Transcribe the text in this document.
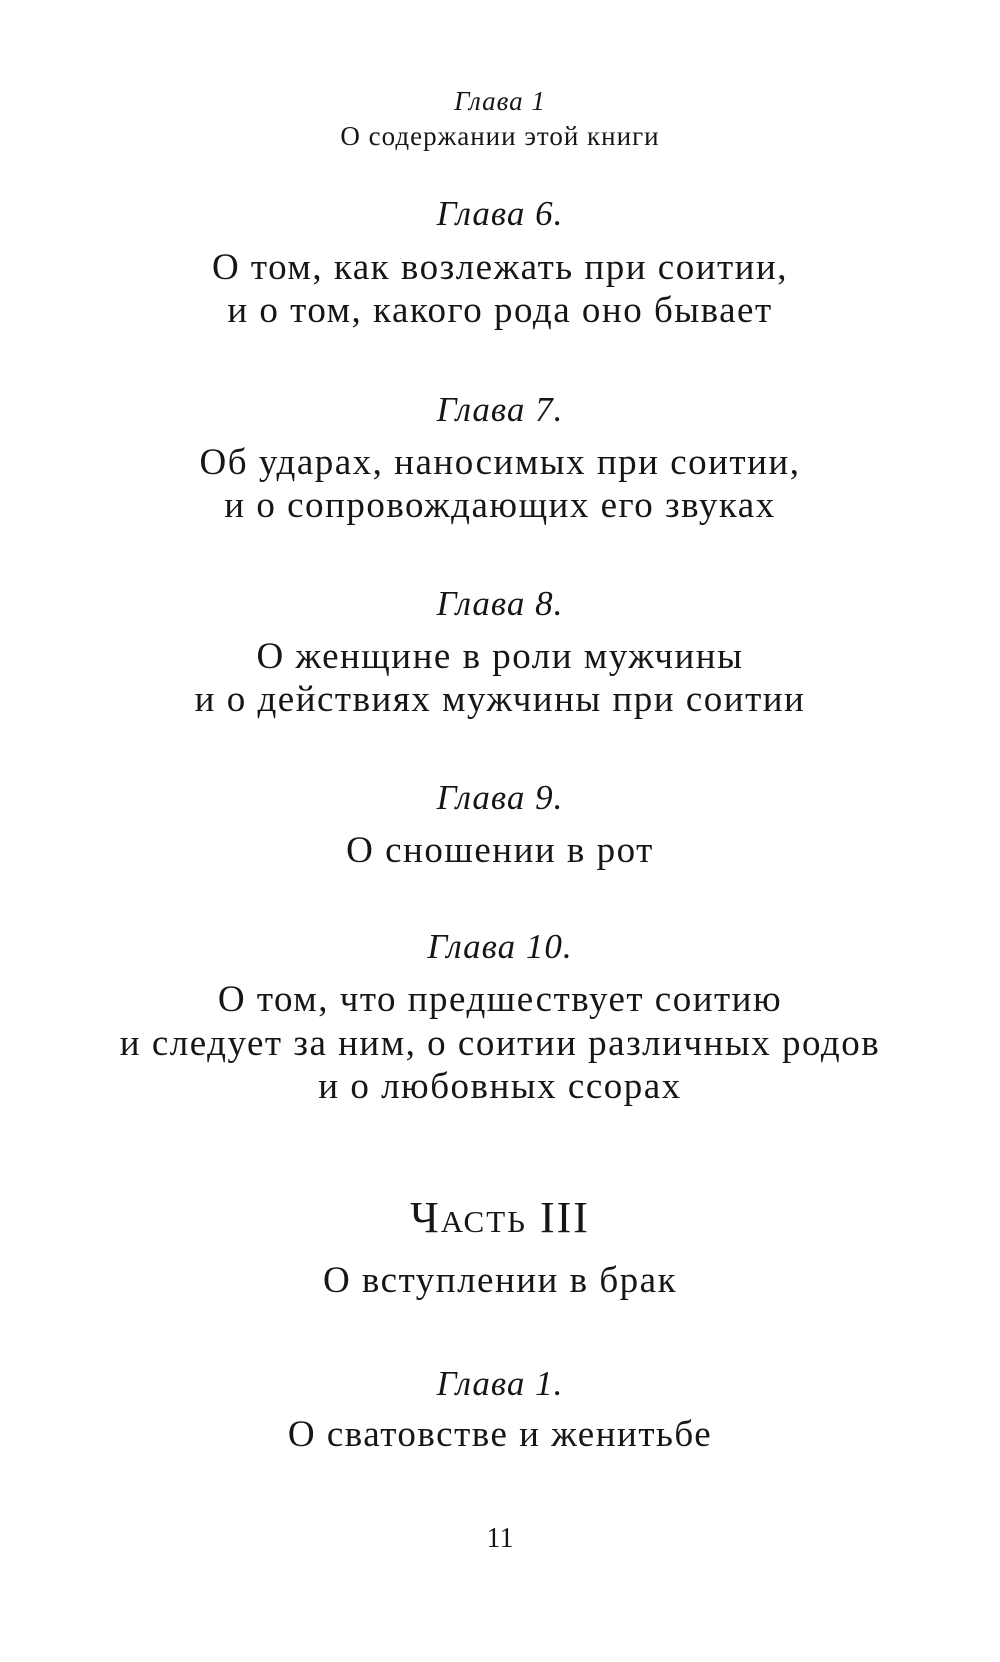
Глава 1
О содержании этой книги
Глава 6.
О том, как возлежать при соитии,
и о том, какого рода оно бывает
Глава 7.
Об ударах, наносимых при соитии,
и о сопровождающих его звуках
Глава 8.
О женщине в роли мужчины
и о действиях мужчины при соитии
Глава 9.
О сношении в рот
Глава 10.
О том, что предшествует соитию
и следует за ним, о соитии различных родов
и о любовных ссорах
Часть III
О вступлении в брак
Глава 1.
О сватовстве и женитьбе
11
